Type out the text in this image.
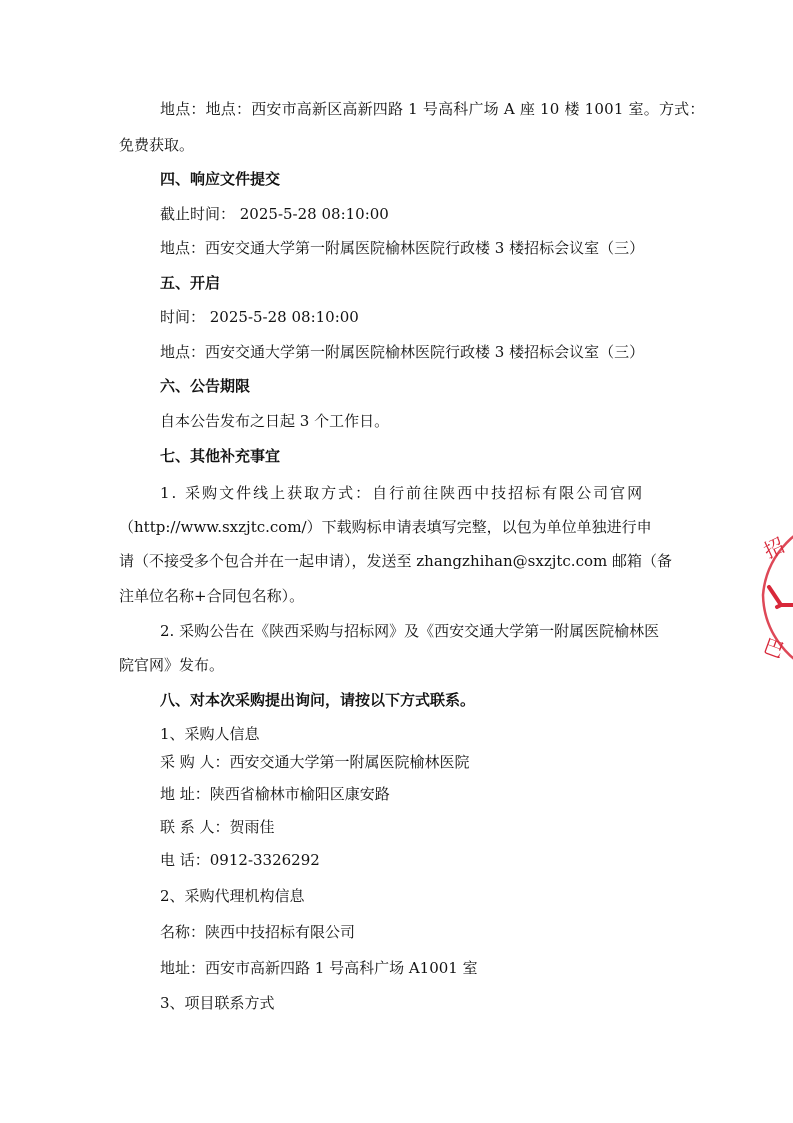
地点：地点：西安市高新区高新四路 1 号高科广场 A 座 10 楼 1001 室。方式：
免费获取。
四、响应文件提交
截止时间： 2025-5-28 08:10:00
地点：西安交通大学第一附属医院榆林医院行政楼 3 楼招标会议室（三）
五、开启
时间： 2025-5-28 08:10:00
地点：西安交通大学第一附属医院榆林医院行政楼 3 楼招标会议室（三）
六、公告期限
自本公告发布之日起 3 个工作日。
七、其他补充事宜
1. 采购文件线上获取方式：自行前往陕西中技招标有限公司官网
（http://www.sxzjtc.com/）下载购标申请表填写完整，以包为单位单独进行申
请（不接受多个包合并在一起申请），发送至 zhangzhihan@sxzjtc.com 邮箱（备
注单位名称+合同包名称）。
2. 采购公告在《陕西采购与招标网》及《西安交通大学第一附属医院榆林医
院官网》发布。
八、对本次采购提出询问，请按以下方式联系。
1、采购人信息
采 购 人：西安交通大学第一附属医院榆林医院
地 址：陕西省榆林市榆阳区康安路
联 系 人：贺雨佳
电 话：0912-3326292
2、采购代理机构信息
名称：陕西中技招标有限公司
地址：西安市高新四路 1 号高科广场 A1001 室
3、项目联系方式
招
巴
